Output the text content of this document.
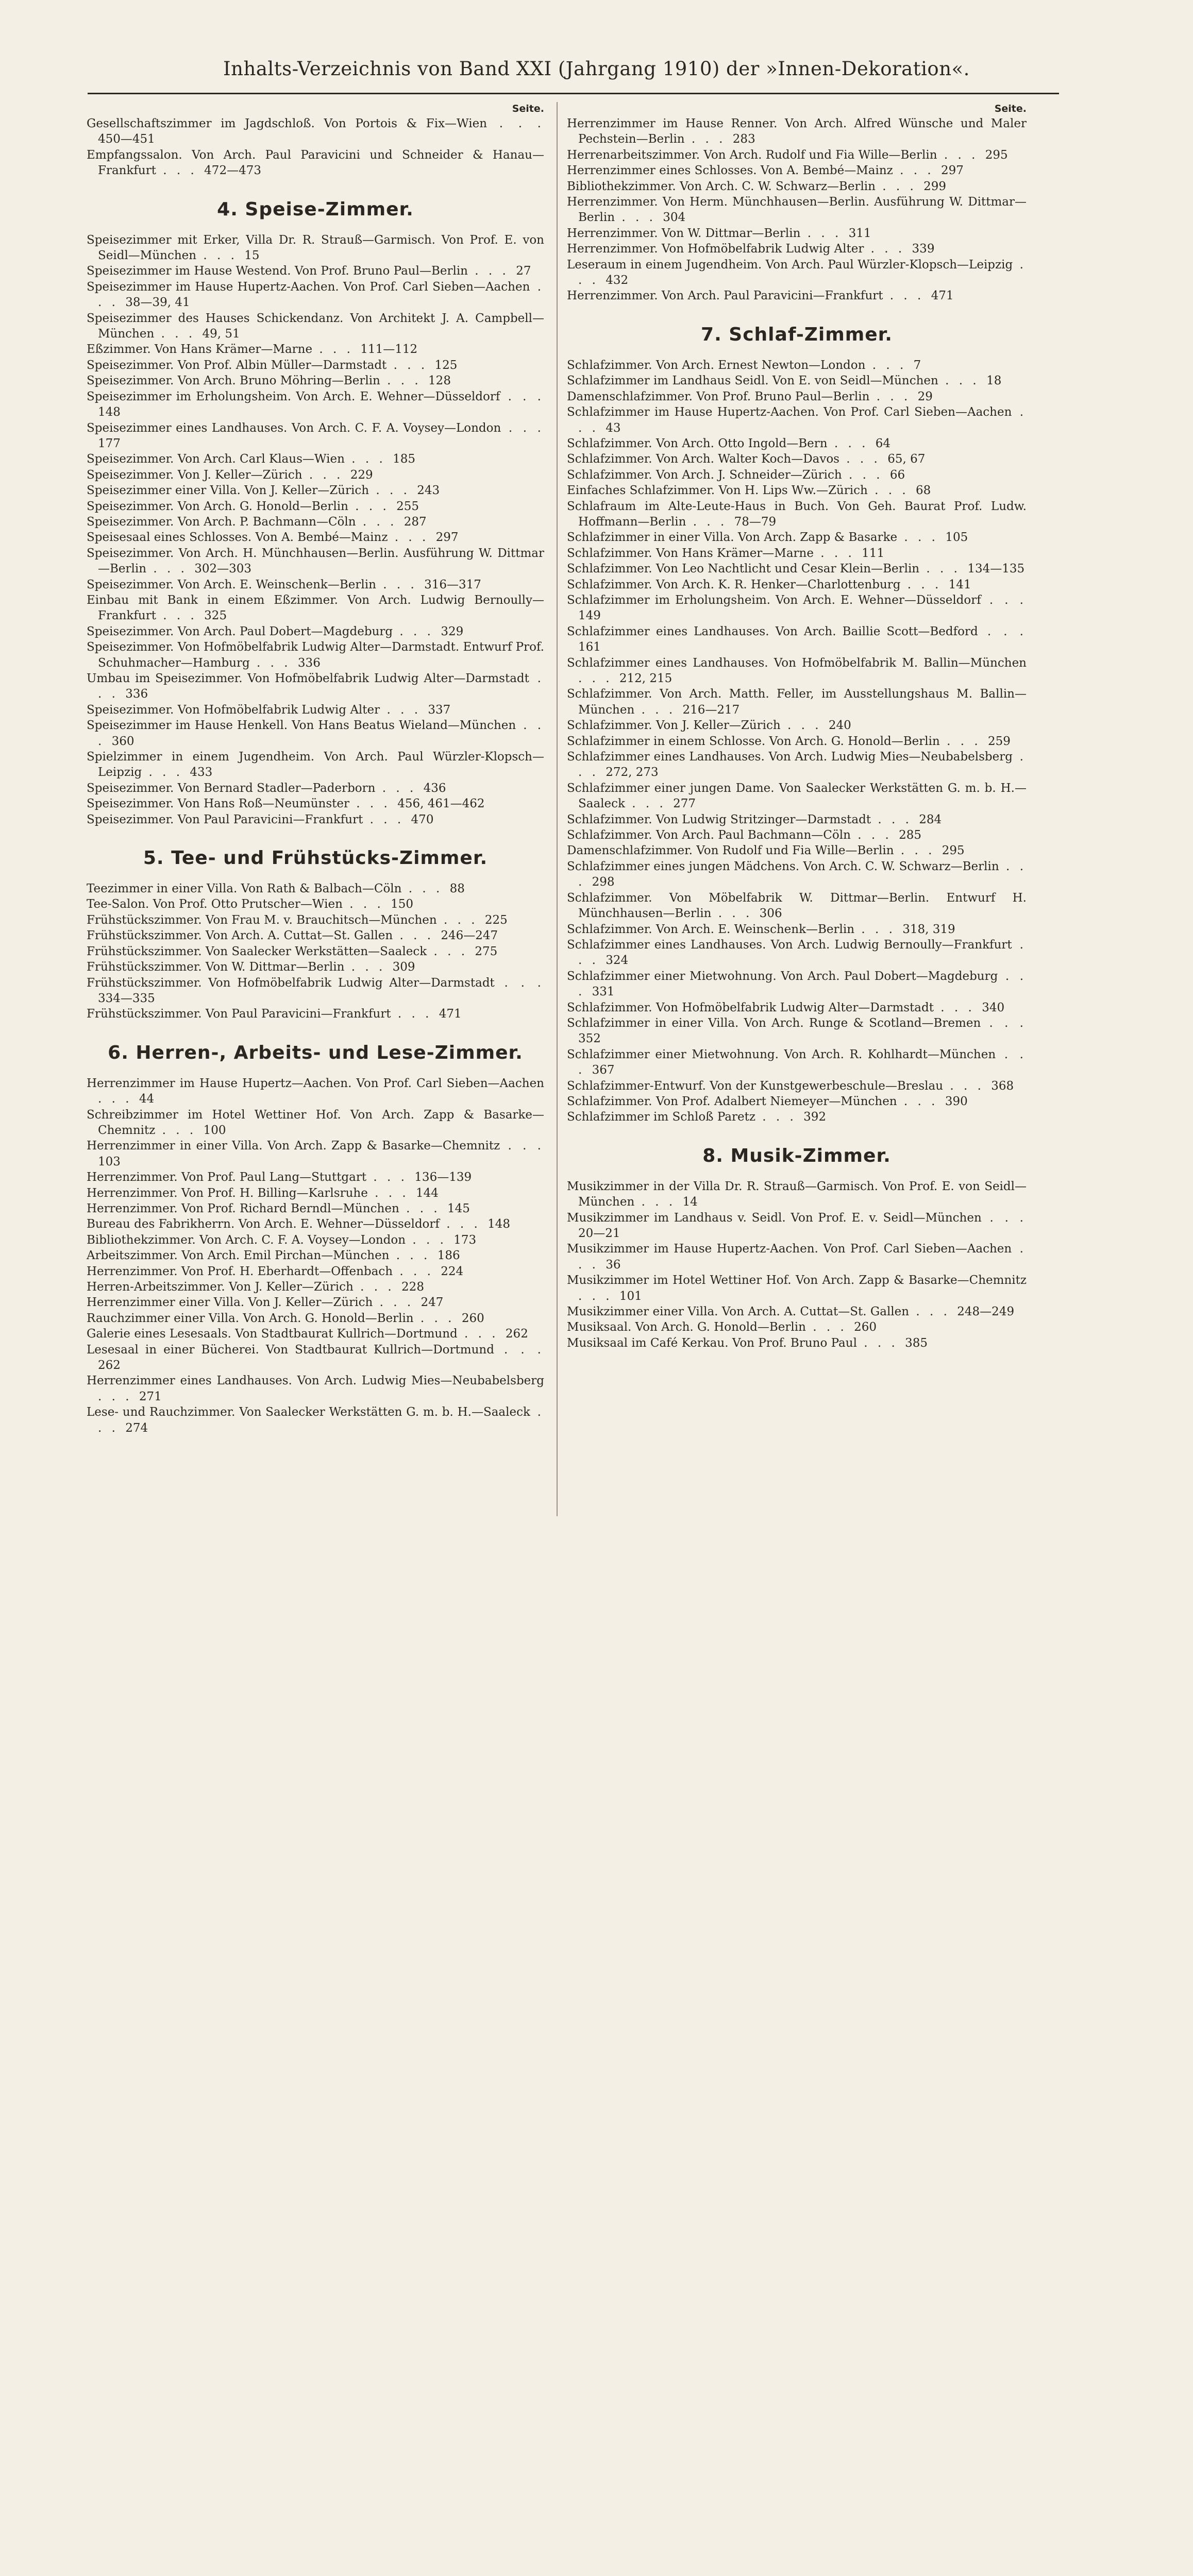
Inhalts-Verzeichnis von Band XXI (Jahrgang 1910) der »Innen-Dekoration«.
Seite.
Gesellschaftszimmer im Jagdschloß. Von Portois & Fix—Wien . . . 450—451
Empfangssalon. Von Arch. Paul Paravicini und Schneider & Hanau—Frankfurt . . . 472—473
4. Speise-Zimmer.
Speisezimmer mit Erker, Villa Dr. R. Strauß—Garmisch. Von Prof. E. von Seidl—München . . . 15
Speisezimmer im Hause Westend. Von Prof. Bruno Paul—Berlin . . . 27
Speisezimmer im Hause Hupertz-Aachen. Von Prof. Carl Sieben—Aachen . . . 38—39, 41
Speisezimmer des Hauses Schickendanz. Von Architekt J. A. Campbell—München . . . 49, 51
Eßzimmer. Von Hans Krämer—Marne . . . 111—112
Speisezimmer. Von Prof. Albin Müller—Darmstadt . . . 125
Speisezimmer. Von Arch. Bruno Möhring—Berlin . . . 128
Speisezimmer im Erholungsheim. Von Arch. E. Wehner—Düsseldorf . . . 148
Speisezimmer eines Landhauses. Von Arch. C. F. A. Voysey—London . . . 177
Speisezimmer. Von Arch. Carl Klaus—Wien . . . 185
Speisezimmer. Von J. Keller—Zürich . . . 229
Speisezimmer einer Villa. Von J. Keller—Zürich . . . 243
Speisezimmer. Von Arch. G. Honold—Berlin . . . 255
Speisezimmer. Von Arch. P. Bachmann—Cöln . . . 287
Speisesaal eines Schlosses. Von A. Bembé—Mainz . . . 297
Speisezimmer. Von Arch. H. Münchhausen—Berlin. Ausführung W. Dittmar—Berlin . . . 302—303
Speisezimmer. Von Arch. E. Weinschenk—Berlin . . . 316—317
Einbau mit Bank in einem Eßzimmer. Von Arch. Ludwig Bernoully—Frankfurt . . . 325
Speisezimmer. Von Arch. Paul Dobert—Magdeburg . . . 329
Speisezimmer. Von Hofmöbelfabrik Ludwig Alter—Darmstadt. Entwurf Prof. Schuhmacher—Hamburg . . . 336
Umbau im Speisezimmer. Von Hofmöbelfabrik Ludwig Alter—Darmstadt . . . 336
Speisezimmer. Von Hofmöbelfabrik Ludwig Alter . . . 337
Speisezimmer im Hause Henkell. Von Hans Beatus Wieland—München . . . 360
Spielzimmer in einem Jugendheim. Von Arch. Paul Würzler-Klopsch—Leipzig . . . 433
Speisezimmer. Von Bernard Stadler—Paderborn . . . 436
Speisezimmer. Von Hans Roß—Neumünster . . . 456, 461—462
Speisezimmer. Von Paul Paravicini—Frankfurt . . . 470
5. Tee- und Frühstücks-Zimmer.
Teezimmer in einer Villa. Von Rath & Balbach—Cöln . . . 88
Tee-Salon. Von Prof. Otto Prutscher—Wien . . . 150
Frühstückszimmer. Von Frau M. v. Brauchitsch—München . . . 225
Frühstückszimmer. Von Arch. A. Cuttat—St. Gallen . . . 246—247
Frühstückszimmer. Von Saalecker Werkstätten—Saaleck . . . 275
Frühstückszimmer. Von W. Dittmar—Berlin . . . 309
Frühstückszimmer. Von Hofmöbelfabrik Ludwig Alter—Darmstadt . . . 334—335
Frühstückszimmer. Von Paul Paravicini—Frankfurt . . . 471
6. Herren-, Arbeits- und Lese-Zimmer.
Herrenzimmer im Hause Hupertz—Aachen. Von Prof. Carl Sieben—Aachen . . . 44
Schreibzimmer im Hotel Wettiner Hof. Von Arch. Zapp & Basarke—Chemnitz . . . 100
Herrenzimmer in einer Villa. Von Arch. Zapp & Basarke—Chemnitz . . . 103
Herrenzimmer. Von Prof. Paul Lang—Stuttgart . . . 136—139
Herrenzimmer. Von Prof. H. Billing—Karlsruhe . . . 144
Herrenzimmer. Von Prof. Richard Berndl—München . . . 145
Bureau des Fabrikherrn. Von Arch. E. Wehner—Düsseldorf . . . 148
Bibliothekzimmer. Von Arch. C. F. A. Voysey—London . . . 173
Arbeitszimmer. Von Arch. Emil Pirchan—München . . . 186
Herrenzimmer. Von Prof. H. Eberhardt—Offenbach . . . 224
Herren-Arbeitszimmer. Von J. Keller—Zürich . . . 228
Herrenzimmer einer Villa. Von J. Keller—Zürich . . . 247
Rauchzimmer einer Villa. Von Arch. G. Honold—Berlin . . . 260
Galerie eines Lesesaals. Von Stadtbaurat Kullrich—Dortmund . . . 262
Lesesaal in einer Bücherei. Von Stadtbaurat Kullrich—Dortmund . . . 262
Herrenzimmer eines Landhauses. Von Arch. Ludwig Mies—Neubabelsberg . . . 271
Lese- und Rauchzimmer. Von Saalecker Werkstätten G. m. b. H.—Saaleck . . . 274
Seite.
Herrenzimmer im Hause Renner. Von Arch. Alfred Wünsche und Maler Pechstein—Berlin . . . 283
Herrenarbeitszimmer. Von Arch. Rudolf und Fia Wille—Berlin . . . 295
Herrenzimmer eines Schlosses. Von A. Bembé—Mainz . . . 297
Bibliothekzimmer. Von Arch. C. W. Schwarz—Berlin . . . 299
Herrenzimmer. Von Herm. Münchhausen—Berlin. Ausführung W. Dittmar—Berlin . . . 304
Herrenzimmer. Von W. Dittmar—Berlin . . . 311
Herrenzimmer. Von Hofmöbelfabrik Ludwig Alter . . . 339
Leseraum in einem Jugendheim. Von Arch. Paul Würzler-Klopsch—Leipzig . . . 432
Herrenzimmer. Von Arch. Paul Paravicini—Frankfurt . . . 471
7. Schlaf-Zimmer.
Schlafzimmer. Von Arch. Ernest Newton—London . . . 7
Schlafzimmer im Landhaus Seidl. Von E. von Seidl—München . . . 18
Damenschlafzimmer. Von Prof. Bruno Paul—Berlin . . . 29
Schlafzimmer im Hause Hupertz-Aachen. Von Prof. Carl Sieben—Aachen . . . 43
Schlafzimmer. Von Arch. Otto Ingold—Bern . . . 64
Schlafzimmer. Von Arch. Walter Koch—Davos . . . 65, 67
Schlafzimmer. Von Arch. J. Schneider—Zürich . . . 66
Einfaches Schlafzimmer. Von H. Lips Ww.—Zürich . . . 68
Schlafraum im Alte-Leute-Haus in Buch. Von Geh. Baurat Prof. Ludw. Hoffmann—Berlin . . . 78—79
Schlafzimmer in einer Villa. Von Arch. Zapp & Basarke . . . 105
Schlafzimmer. Von Hans Krämer—Marne . . . 111
Schlafzimmer. Von Leo Nachtlicht und Cesar Klein—Berlin . . . 134—135
Schlafzimmer. Von Arch. K. R. Henker—Charlottenburg . . . 141
Schlafzimmer im Erholungsheim. Von Arch. E. Wehner—Düsseldorf . . . 149
Schlafzimmer eines Landhauses. Von Arch. Baillie Scott—Bedford . . . 161
Schlafzimmer eines Landhauses. Von Hofmöbelfabrik M. Ballin—München . . . 212, 215
Schlafzimmer. Von Arch. Matth. Feller, im Ausstellungshaus M. Ballin—München . . . 216—217
Schlafzimmer. Von J. Keller—Zürich . . . 240
Schlafzimmer in einem Schlosse. Von Arch. G. Honold—Berlin . . . 259
Schlafzimmer eines Landhauses. Von Arch. Ludwig Mies—Neubabelsberg . . . 272, 273
Schlafzimmer einer jungen Dame. Von Saalecker Werkstätten G. m. b. H.—Saaleck . . . 277
Schlafzimmer. Von Ludwig Stritzinger—Darmstadt . . . 284
Schlafzimmer. Von Arch. Paul Bachmann—Cöln . . . 285
Damenschlafzimmer. Von Rudolf und Fia Wille—Berlin . . . 295
Schlafzimmer eines jungen Mädchens. Von Arch. C. W. Schwarz—Berlin . . . 298
Schlafzimmer. Von Möbelfabrik W. Dittmar—Berlin. Entwurf H. Münchhausen—Berlin . . . 306
Schlafzimmer. Von Arch. E. Weinschenk—Berlin . . . 318, 319
Schlafzimmer eines Landhauses. Von Arch. Ludwig Bernoully—Frankfurt . . . 324
Schlafzimmer einer Mietwohnung. Von Arch. Paul Dobert—Magdeburg . . . 331
Schlafzimmer. Von Hofmöbelfabrik Ludwig Alter—Darmstadt . . . 340
Schlafzimmer in einer Villa. Von Arch. Runge & Scotland—Bremen . . . 352
Schlafzimmer einer Mietwohnung. Von Arch. R. Kohlhardt—München . . . 367
Schlafzimmer-Entwurf. Von der Kunstgewerbeschule—Breslau . . . 368
Schlafzimmer. Von Prof. Adalbert Niemeyer—München . . . 390
Schlafzimmer im Schloß Paretz . . . 392
8. Musik-Zimmer.
Musikzimmer in der Villa Dr. R. Strauß—Garmisch. Von Prof. E. von Seidl—München . . . 14
Musikzimmer im Landhaus v. Seidl. Von Prof. E. v. Seidl—München . . . 20—21
Musikzimmer im Hause Hupertz-Aachen. Von Prof. Carl Sieben—Aachen . . . 36
Musikzimmer im Hotel Wettiner Hof. Von Arch. Zapp & Basarke—Chemnitz . . . 101
Musikzimmer einer Villa. Von Arch. A. Cuttat—St. Gallen . . . 248—249
Musiksaal. Von Arch. G. Honold—Berlin . . . 260
Musiksaal im Café Kerkau. Von Prof. Bruno Paul . . . 385
